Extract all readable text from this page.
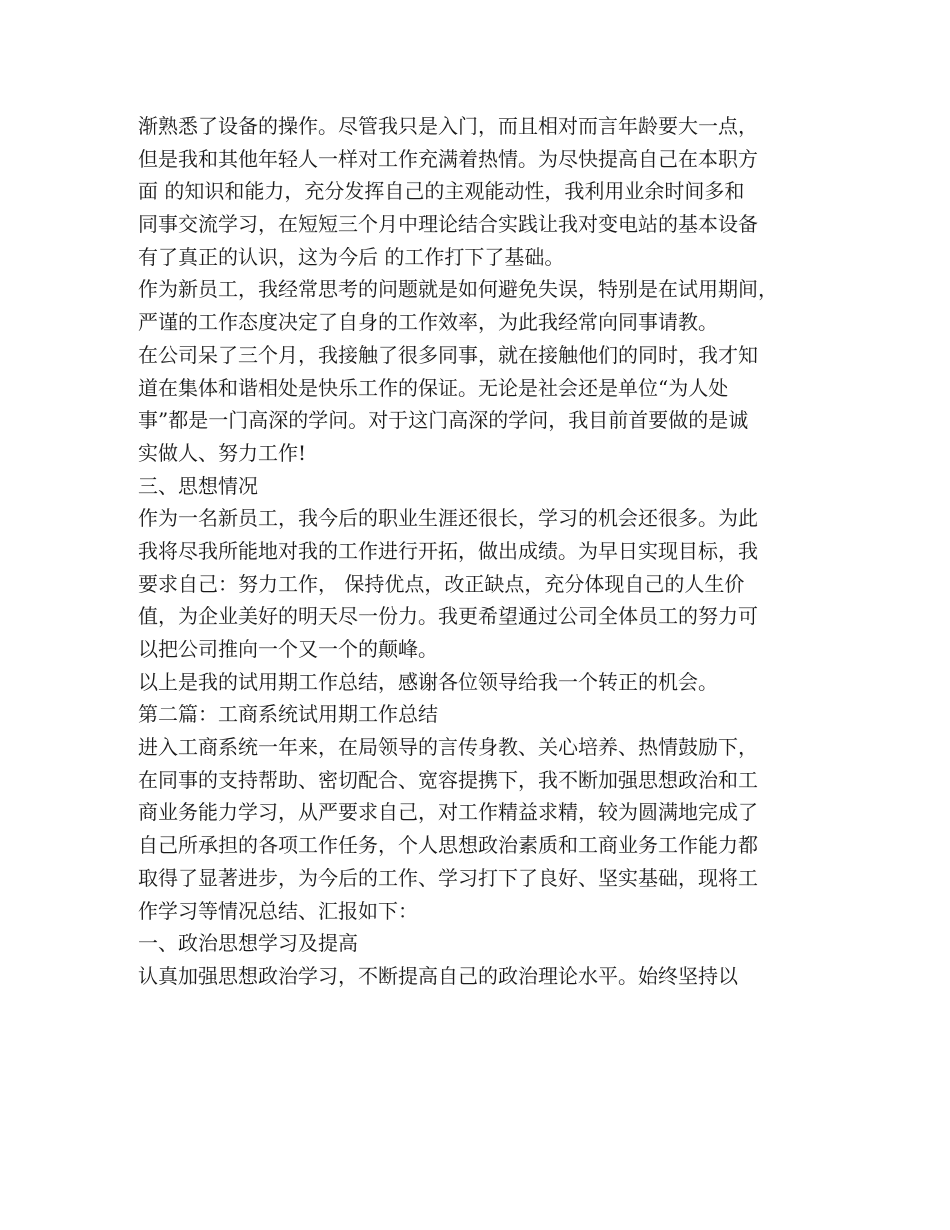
渐熟悉了设备的操作。尽管我只是入门，而且相对而言年龄要大一点，
但是我和其他年轻人一样对工作充满着热情。为尽快提高自己在本职方
面 的知识和能力，充分发挥自己的主观能动性，我利用业余时间多和
同事交流学习，在短短三个月中理论结合实践让我对变电站的基本设备
有了真正的认识，这为今后 的工作打下了基础。
作为新员工，我经常思考的问题就是如何避免失误，特别是在试用期间，
严谨的工作态度决定了自身的工作效率，为此我经常向同事请教。
在公司呆了三个月，我接触了很多同事，就在接触他们的同时，我才知
道在集体和谐相处是快乐工作的保证。无论是社会还是单位“为人处
事”都是一门高深的学问。对于这门高深的学问，我目前首要做的是诚
实做人、努力工作!
三、思想情况
作为一名新员工，我今后的职业生涯还很长，学习的机会还很多。为此
我将尽我所能地对我的工作进行开拓，做出成绩。为早日实现目标，我
要求自己：努力工作， 保持优点，改正缺点，充分体现自己的人生价
值，为企业美好的明天尽一份力。我更希望通过公司全体员工的努力可
以把公司推向一个又一个的颠峰。
以上是我的试用期工作总结，感谢各位领导给我一个转正的机会。
第二篇：工商系统试用期工作总结
进入工商系统一年来，在局领导的言传身教、关心培养、热情鼓励下，
在同事的支持帮助、密切配合、宽容提携下，我不断加强思想政治和工
商业务能力学习，从严要求自己，对工作精益求精，较为圆满地完成了
自己所承担的各项工作任务，个人思想政治素质和工商业务工作能力都
取得了显著进步，为今后的工作、学习打下了良好、坚实基础，现将工
作学习等情况总结、汇报如下：
一、政治思想学习及提高
认真加强思想政治学习，不断提高自己的政治理论水平。始终坚持以
